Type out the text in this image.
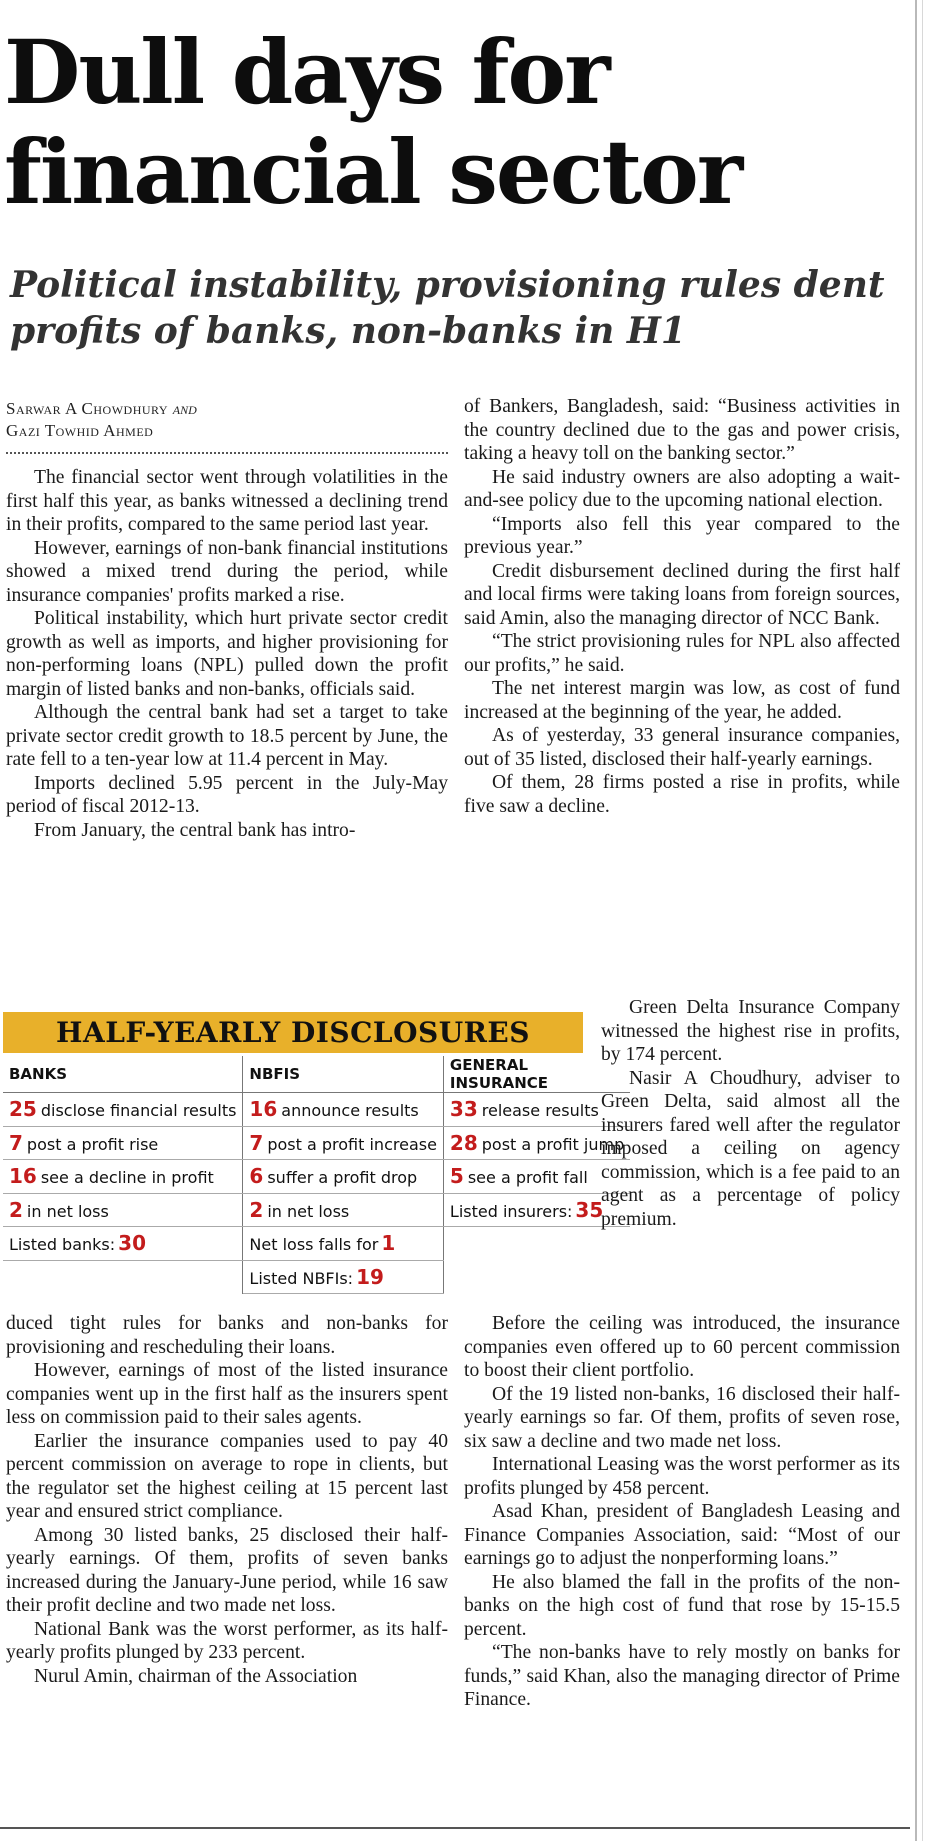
Dull days for financial sector
Political instability, provisioning rules dent profits of banks, non-banks in H1
Sarwar A Chowdhury and
Gazi Towhid Ahmed

The financial sector went through volatilities in the first half this year, as banks witnessed a declining trend in their profits, compared to the same period last year.

However, earnings of non-bank financial institutions showed a mixed trend during the period, while insurance companies' profits marked a rise.

Political instability, which hurt private sector credit growth as well as imports, and higher provisioning for non-performing loans (NPL) pulled down the profit margin of listed banks and non-banks, officials said.

Although the central bank had set a target to take private sector credit growth to 18.5 percent by June, the rate fell to a ten-year low at 11.4 percent in May.

Imports declined 5.95 percent in the July-May period of fiscal 2012-13.

From January, the central bank has intro-

of Bankers, Bangladesh, said: “Business activities in the country declined due to the gas and power crisis, taking a heavy toll on the banking sector.”

He said industry owners are also adopting a wait-and-see policy due to the upcoming national election.

“Imports also fell this year compared to the previous year.”

Credit disbursement declined during the first half and local firms were taking loans from foreign sources, said Amin, also the managing director of NCC Bank.

“The strict provisioning rules for NPL also affected our profits,” he said.

The net interest margin was low, as cost of fund increased at the beginning of the year, he added.

As of yesterday, 33 general insurance companies, out of 35 listed, disclosed their half-yearly earnings.

Of them, 28 firms posted a rise in profits, while five saw a decline.

HALF-YEARLY DISCLOSURES
BANKS	NBFIS	GENERAL INSURANCE
25 disclose financial results	16 announce results	33 release results
7 post a profit rise	7 post a profit increase	28 post a profit jump
16 see a decline in profit	6 suffer a profit drop	5 see a profit fall
2 in net loss	2 in net loss	Listed insurers: 35
Listed banks: 30	Net loss falls for 1	
	Listed NBFIs: 19	

Green Delta Insurance Company witnessed the highest rise in profits, by 174 percent.

Nasir A Choudhury, adviser to Green Delta, said almost all the insurers fared well after the regulator imposed a ceiling on agency commission, which is a fee paid to an agent as a percentage of policy premium.

duced tight rules for banks and non-banks for provisioning and rescheduling their loans.

However, earnings of most of the listed insurance companies went up in the first half as the insurers spent less on commission paid to their sales agents.

Earlier the insurance companies used to pay 40 percent commission on average to rope in clients, but the regulator set the highest ceiling at 15 percent last year and ensured strict compliance.

Among 30 listed banks, 25 disclosed their half-yearly earnings. Of them, profits of seven banks increased during the January-June period, while 16 saw their profit decline and two made net loss.

National Bank was the worst performer, as its half-yearly profits plunged by 233 percent.

Nurul Amin, chairman of the Association

Before the ceiling was introduced, the insurance companies even offered up to 60 percent commission to boost their client portfolio.

Of the 19 listed non-banks, 16 disclosed their half-yearly earnings so far. Of them, profits of seven rose, six saw a decline and two made net loss.

International Leasing was the worst performer as its profits plunged by 458 percent.

Asad Khan, president of Bangladesh Leasing and Finance Companies Association, said: “Most of our earnings go to adjust the nonperforming loans.”

He also blamed the fall in the profits of the non-banks on the high cost of fund that rose by 15-15.5 percent.

“The non-banks have to rely mostly on banks for funds,” said Khan, also the managing director of Prime Finance.
